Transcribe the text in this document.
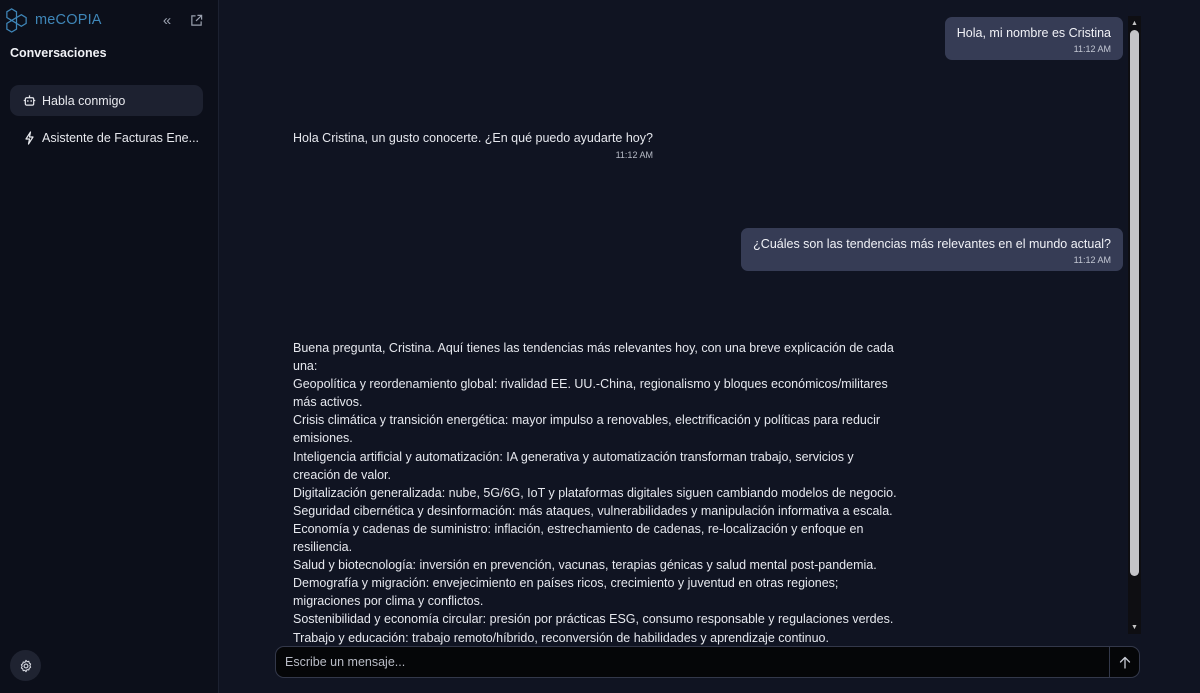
meCOPIA	«
Conversaciones
Habla conmigo
Asistente de Facturas Ene...
Hola, mi nombre es Cristina
11:12 AM
Hola Cristina, un gusto conocerte. ¿En qué puedo ayudarte hoy?
11:12 AM
¿Cuáles son las tendencias más relevantes en el mundo actual?
11:12 AM
Buena pregunta, Cristina. Aquí tienes las tendencias más relevantes hoy, con una breve explicación de cada una:
Geopolítica y reordenamiento global: rivalidad EE. UU.-China, regionalismo y bloques económicos/militares más activos.
Crisis climática y transición energética: mayor impulso a renovables, electrificación y políticas para reducir emisiones.
Inteligencia artificial y automatización: IA generativa y automatización transforman trabajo, servicios y creación de valor.
Digitalización generalizada: nube, 5G/6G, IoT y plataformas digitales siguen cambiando modelos de negocio.
Seguridad cibernética y desinformación: más ataques, vulnerabilidades y manipulación informativa a escala.
Economía y cadenas de suministro: inflación, estrechamiento de cadenas, re-localización y enfoque en resiliencia.
Salud y biotecnología: inversión en prevención, vacunas, terapias génicas y salud mental post-pandemia.
Demografía y migración: envejecimiento en países ricos, crecimiento y juventud en otras regiones; migraciones por clima y conflictos.
Sostenibilidad y economía circular: presión por prácticas ESG, consumo responsable y regulaciones verdes.
Trabajo y educación: trabajo remoto/híbrido, reconversión de habilidades y aprendizaje continuo.
▲
▼
Escribe un mensaje...
